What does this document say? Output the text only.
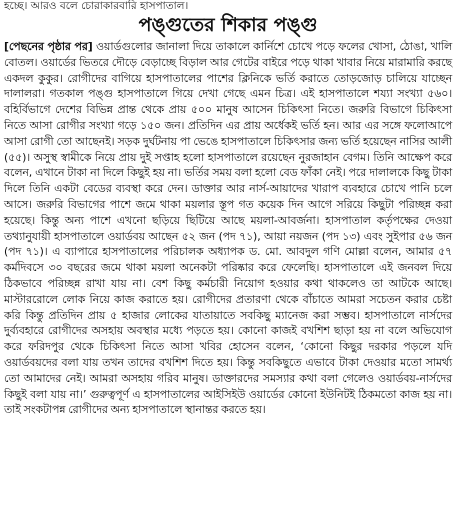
হচ্ছে। আরও বলে চোরাকারবারি হাসপাতাল।
পঙ্গুতের শিকার পঙ্গু

[পেছনের পৃষ্ঠার পর] ওয়ার্ডগুলোর জানালা দিয়ে তাকালে কার্নিশে চোখে পড়ে ফলের খোসা, ঠোঙা, খালি বোতল। ওয়ার্ডের ভিতরে দৌড়ে বেড়াচ্ছে বিড়াল আর গেটের বাইরে পড়ে থাকা খাবার নিয়ে মারামারি করছে একদল কুকুর। রোগীদের বাগিয়ে হাসপাতালের পাশের ক্লিনিকে ভর্তি করাতে তোড়জোড় চালিয়ে যাচ্ছেন দালালরা। গতকাল পঙ্গু হাসপাতালে গিয়ে দেখা গেছে এমন চিত্র। এই হাসপাতালে শয্যা সংখ্যা ৫৬০। বহির্বিভাগে দেশের বিভিন্ন প্রান্ত থেকে প্রায় ৫০০ মানুষ আসেন চিকিৎসা নিতে। জরুরি বিভাগে চিকিৎসা নিতে আসা রোগীর সংখ্যা গড়ে ১৫০ জন। প্রতিদিন এর প্রায় অর্ধেকই ভর্তি হন। আর এর সঙ্গে ফলোআপে আসা রোগী তো আছেনই। সড়ক দুর্ঘটনায় পা ভেঙে হাসপাতালে চিকিৎসার জন্য ভর্তি হয়েছেন নাসির আলী (৫৫)। অসুস্থ স্বামীকে নিয়ে প্রায় দুই সপ্তাহ হলো হাসপাতালে রয়েছেন নুরজাহান বেগম। তিনি আক্ষেপ করে বলেন, এখানে টাকা না দিলে কিছুই হয় না। ভর্তির সময় বলা হলো বেড ফাঁকা নেই। পরে দালালকে কিছু টাকা দিলে তিনি একটা বেডের ব্যবস্থা করে দেন। ডাক্তার আর নার্স-আয়াদের খারাপ ব্যবহারে চোখে পানি চলে আসে। জরুরি বিভাগের পাশে জমে থাকা ময়লার স্তূপ গত কয়েক দিন আগে সরিয়ে কিছুটা পরিচ্ছন্ন করা হয়েছে। কিন্তু অন্য পাশে এখনো ছড়িয়ে ছিটিয়ে আছে ময়লা-আবর্জনা। হাসপাতাল কর্তৃপক্ষের দেওয়া তথ্যানুযায়ী হাসপাতালে ওয়ার্ডবয় আছেন ৫২ জন (পদ ৭১), আয়া নয়জন (পদ ১৩) এবং সুইপার ৫৬ জন (পদ ৭১)। এ ব্যাপারে হাসপাতালের পরিচালক অধ্যাপক ড. মো. আবদুল গণি মোল্লা বলেন, আমার ৫৭ কর্মদিবসে ৩০ বছরের জমে থাকা ময়লা অনেকটা পরিষ্কার করে ফেলেছি। হাসপাতালে এই জনবল দিয়ে ঠিকভাবে পরিচ্ছন্ন রাখা যায় না। বেশ কিছু কর্মচারী নিয়োগ হওয়ার কথা থাকলেও তা আটকে আছে। মাস্টাররোলে লোক নিয়ে কাজ করাতে হয়। রোগীদের প্রতারণা থেকে বাঁচাতে আমরা সচেতন করার চেষ্টা করি কিন্তু প্রতিদিন প্রায় ৫ হাজার লোকের যাতায়াতে সবকিছু ম্যানেজ করা সম্ভব। হাসপাতালে নার্সদের দুর্ব্যবহারে রোগীদের অসহায় অবস্থার মধ্যে পড়তে হয়। কোনো কাজই বখশিশ ছাড়া হয় না বলে অভিযোগ করে ফরিদপুর থেকে চিকিৎসা নিতে আসা খবির হোসেন বলেন, ‘কোনো কিছুর দরকার পড়লে যদি ওয়ার্ডবয়দের বলা যায় তখন তাদের বখশিশ দিতে হয়। কিন্তু সবকিছুতে এভাবে টাকা দেওয়ার মতো সামর্থ্য তো আমাদের নেই। আমরা অসহায় গরিব মানুষ। ডাক্তারদের সমস্যার কথা বলা গেলেও ওয়ার্ডবয়-নার্সদের কিছুই বলা যায় না।’ গুরুত্বপূর্ণ এ হাসপাতালের আইসিইউ ওয়ার্ডের কোনো ইউনিটই ঠিকমতো কাজ হয় না। তাই সংকটাপন্ন রোগীদের অন্য হাসপাতালে স্থানান্তর করতে হয়।
